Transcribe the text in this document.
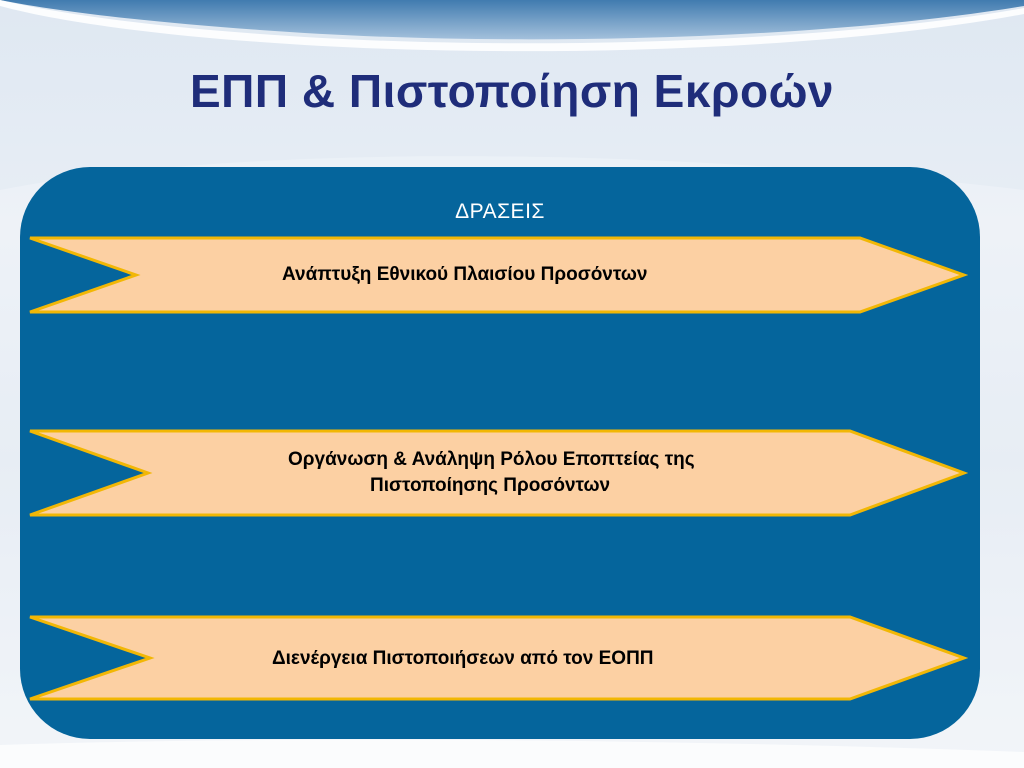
ΕΠΠ & Πιστοποίηση Εκροών
ΔΡΑΣΕΙΣ
Ανάπτυξη Εθνικού Πλαισίου Προσόντων
Οργάνωση & Ανάληψη Ρόλου Εποπτείας της
Πιστοποίησης Προσόντων
Διενέργεια Πιστοποιήσεων από τον ΕΟΠΠ
